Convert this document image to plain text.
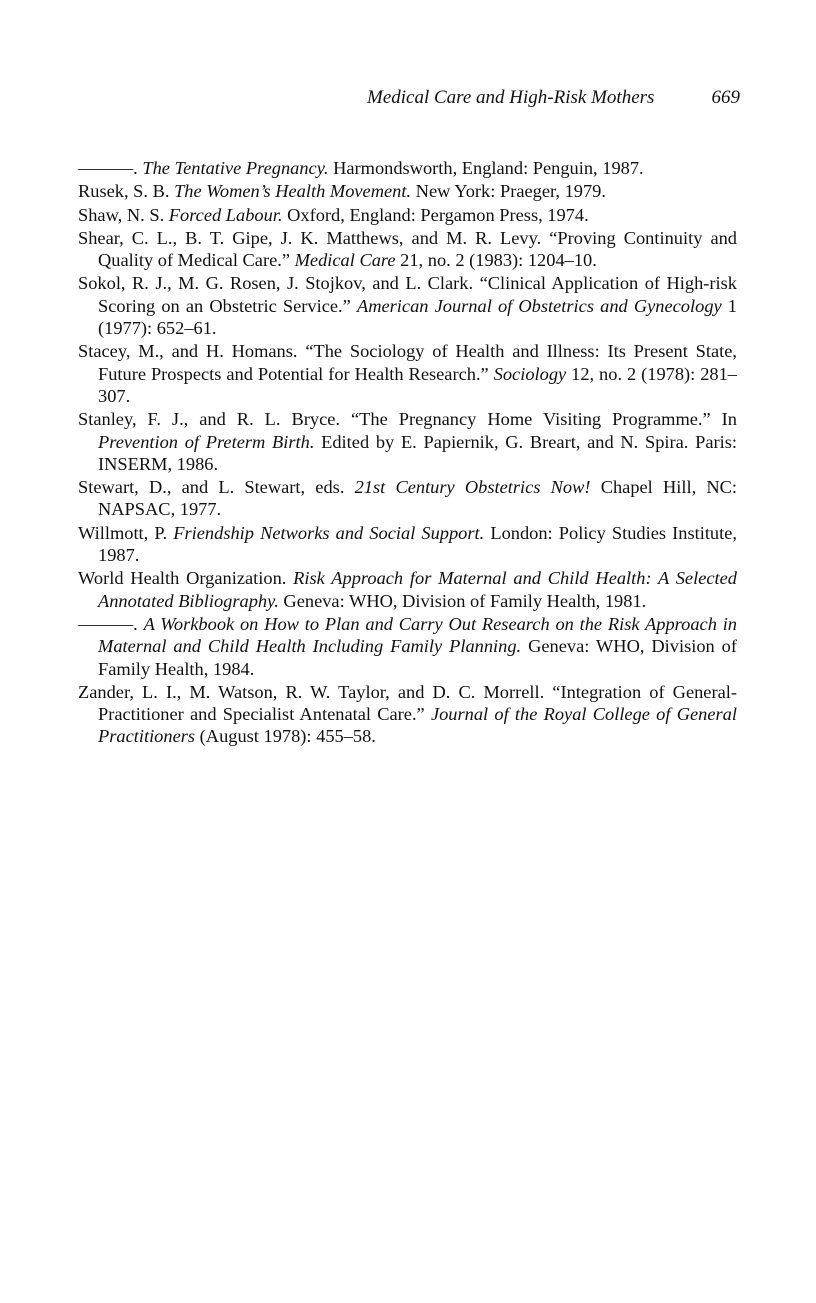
Medical Care and High-Risk Mothers	669

———. The Tentative Pregnancy. Harmondsworth, England: Penguin, 1987.

Rusek, S. B. The Women’s Health Movement. New York: Praeger, 1979.

Shaw, N. S. Forced Labour. Oxford, England: Pergamon Press, 1974.

Shear, C. L., B. T. Gipe, J. K. Matthews, and M. R. Levy. “Proving Continuity and Quality of Medical Care.” Medical Care 21, no. 2 (1983): 1204–10.

Sokol, R. J., M. G. Rosen, J. Stojkov, and L. Clark. “Clinical Application of High-risk Scoring on an Obstetric Service.” American Journal of Obstetrics and Gynecology 1 (1977): 652–61.

Stacey, M., and H. Homans. “The Sociology of Health and Illness: Its Present State, Future Prospects and Potential for Health Research.” Sociology 12, no. 2 (1978): 281–307.

Stanley, F. J., and R. L. Bryce. “The Pregnancy Home Visiting Programme.” In Prevention of Preterm Birth. Edited by E. Papiernik, G. Breart, and N. Spira. Paris: INSERM, 1986.

Stewart, D., and L. Stewart, eds. 21st Century Obstetrics Now! Chapel Hill, NC: NAPSAC, 1977.

Willmott, P. Friendship Networks and Social Support. London: Policy Studies Institute, 1987.

World Health Organization. Risk Approach for Maternal and Child Health: A Selected Annotated Bibliography. Geneva: WHO, Division of Family Health, 1981.

———. A Workbook on How to Plan and Carry Out Research on the Risk Approach in Maternal and Child Health Including Family Planning. Geneva: WHO, Division of Family Health, 1984.

Zander, L. I., M. Watson, R. W. Taylor, and D. C. Morrell. “Integration of General-Practitioner and Specialist Antenatal Care.” Journal of the Royal College of General Practitioners (August 1978): 455–58.
